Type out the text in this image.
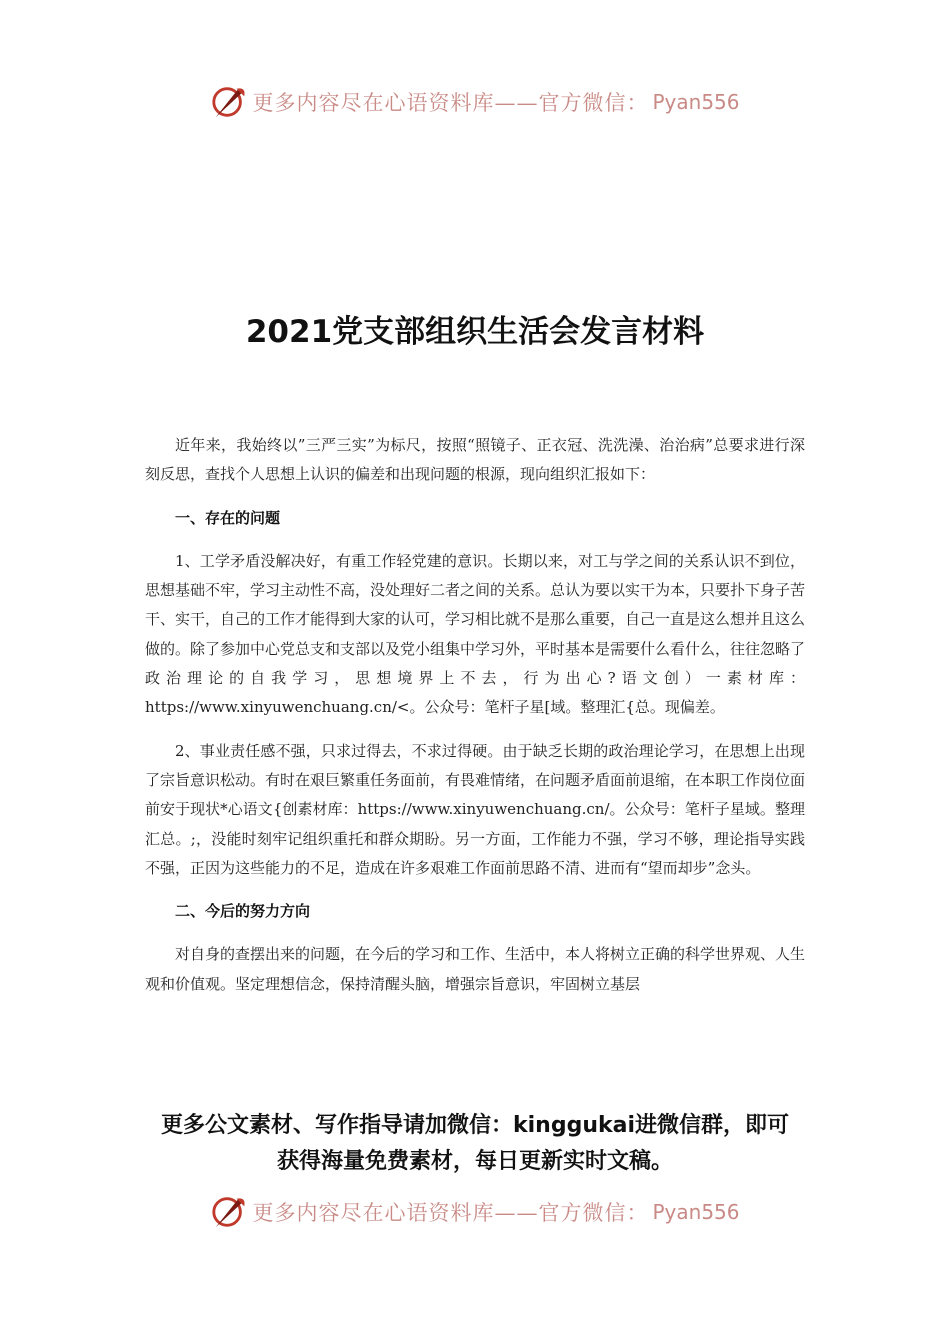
更多内容尽在心语资料库——官方微信： Pyan556
2021党支部组织生活会发言材料

近年来，我始终以”三严三实”为标尺，按照“照镜子、正衣冠、洗洗澡、治治病”总要求进行深刻反思，查找个人思想上认识的偏差和出现问题的根源，现向组织汇报如下：

一、存在的问题

1、工学矛盾没解决好，有重工作轻党建的意识。长期以来，对工与学之间的关系认识不到位，思想基础不牢，学习主动性不高，没处理好二者之间的关系。总认为要以实干为本，只要扑下身子苦干、实干，自己的工作才能得到大家的认可，学习相比就不是那么重要，自己一直是这么想并且这么做的。除了参加中心党总支和支部以及党小组集中学习外，平时基本是需要什么看什么，往往忽略了政治理论的自我学习，思想境界上不去，行为出心?语文创）一素材库：https://www.xinyuwenchuang.cn/<。公众号：笔杆子星[域。整理汇{总。现偏差。

2、事业责任感不强，只求过得去，不求过得硬。由于缺乏长期的政治理论学习，在思想上出现了宗旨意识松动。有时在艰巨繁重任务面前，有畏难情绪，在问题矛盾面前退缩，在本职工作岗位面前安于现状*心语文{创素材库：https://www.xinyuwenchuang.cn/。公众号：笔杆子星域。整理汇总。;，没能时刻牢记组织重托和群众期盼。另一方面，工作能力不强，学习不够，理论指导实践不强，正因为这些能力的不足，造成在许多艰难工作面前思路不清、进而有“望而却步”念头。

二、今后的努力方向

对自身的查摆出来的问题，在今后的学习和工作、生活中，本人将树立正确的科学世界观、人生观和价值观。坚定理想信念，保持清醒头脑，增强宗旨意识，牢固树立基层

更多公文素材、写作指导请加微信：kinggukai进微信群，即可
获得海量免费素材，每日更新实时文稿。
更多内容尽在心语资料库——官方微信： Pyan556
